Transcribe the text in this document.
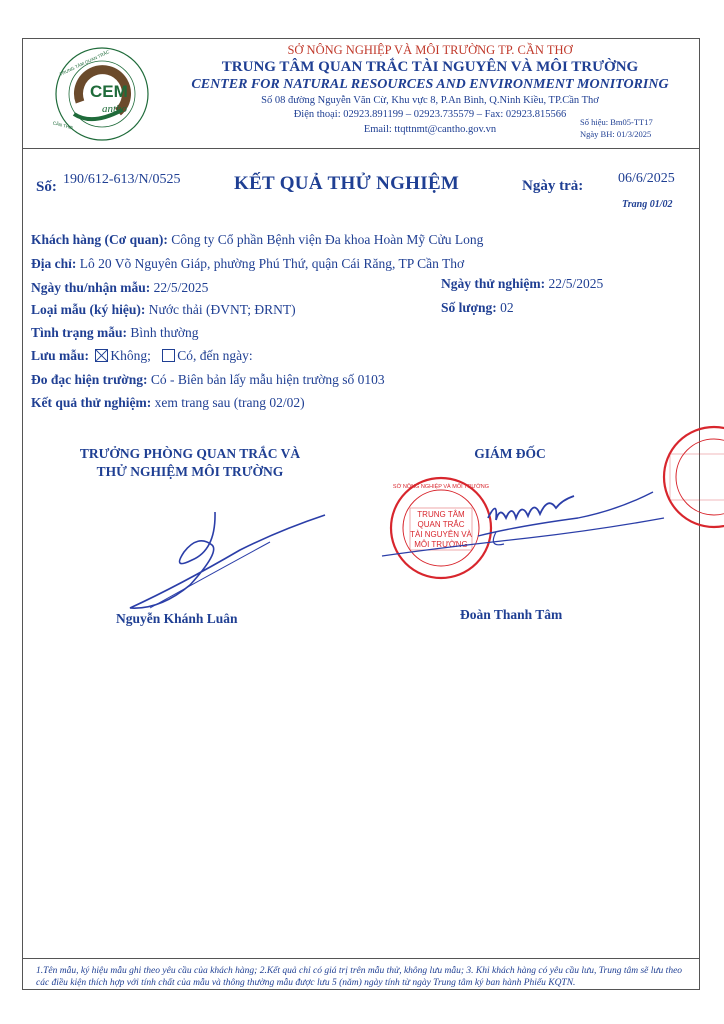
TRUNG TÂM QUAN TRẮC
CẦN THƠ
CEM
antho
SỞ NÔNG NGHIỆP VÀ MÔI TRƯỜNG TP. CẦN THƠ
TRUNG TÂM QUAN TRẮC TÀI NGUYÊN VÀ MÔI TRƯỜNG
CENTER FOR NATURAL RESOURCES AND ENVIRONMENT MONITORING
Số 08 đường Nguyễn Văn Cừ, Khu vực 8, P.An Bình, Q.Ninh Kiều, TP.Cần Thơ
Điện thoại: 02923.891199 – 02923.735579 – Fax: 02923.815566
Email: ttqttnmt@cantho.gov.vn
Số hiệu: Bm05-TT17
Ngày BH: 01/3/2025
Số: 190/612-613/N/0525	KẾT QUẢ THỬ NGHIỆM	Ngày trả: 06/6/2025
Trang 01/02
Khách hàng (Cơ quan): Công ty Cổ phần Bệnh viện Đa khoa Hoàn Mỹ Cửu Long
Địa chỉ: Lô 20 Võ Nguyên Giáp, phường Phú Thứ, quận Cái Răng, TP Cần Thơ
Ngày thu/nhận mẫu: 22/5/2025	Ngày thử nghiệm: 22/5/2025
Loại mẫu (ký hiệu): Nước thải (ĐVNT; ĐRNT)	Số lượng: 02
Tình trạng mẫu: Bình thường
Lưu mẫu: Không; Có, đến ngày:
Đo đạc hiện trường: Có - Biên bản lấy mẫu hiện trường số 0103
Kết quả thử nghiệm: xem trang sau (trang 02/02)
TRƯỞNG PHÒNG QUAN TRẮC VÀ
THỬ NGHIỆM MÔI TRƯỜNG
Nguyễn Khánh Luân
GIÁM ĐỐC
TRUNG TÂM
QUAN TRẮC
TÀI NGUYÊN VÀ
MÔI TRƯỜNG
SỞ NÔNG NGHIỆP VÀ MÔI TRƯỜNG
Đoàn Thanh Tâm
1.Tên mẫu, ký hiệu mẫu ghi theo yêu cầu của khách hàng; 2.Kết quả chỉ có giá trị trên mẫu thử, không lưu mẫu; 3. Khi khách hàng có yêu cầu lưu, Trung tâm sẽ lưu theo các điều kiện thích hợp với tính chất của mẫu và thông thường mẫu được lưu 5 (năm) ngày tính từ ngày Trung tâm ký ban hành Phiếu KQTN.
